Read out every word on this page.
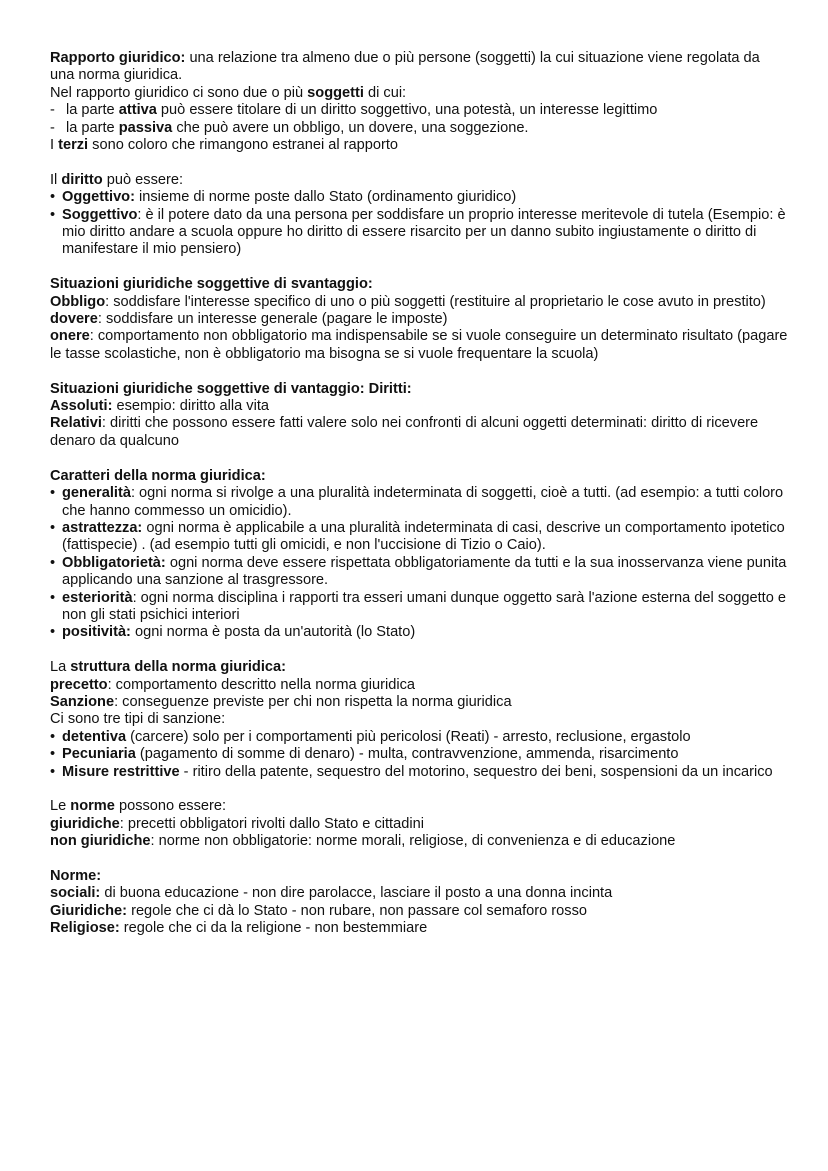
Rapporto giuridico: una relazione tra almeno due o più persone (soggetti) la cui situazione viene regolata da una norma giuridica.

Nel rapporto giuridico ci sono due o più soggetti di cui:

- la parte attiva può essere titolare di un diritto soggettivo, una potestà, un interesse legittimo

- la parte passiva che può avere un obbligo, un dovere, una soggezione.

I terzi sono coloro che rimangono estranei al rapporto

Il diritto può essere:

• Oggettivo: insieme di norme poste dallo Stato (ordinamento giuridico)

• Soggettivo: è il potere dato da una persona per soddisfare un proprio interesse meritevole di tutela (Esempio: è mio diritto andare a scuola oppure ho diritto di essere risarcito per un danno subito ingiustamente o diritto di manifestare il mio pensiero)

Situazioni giuridiche soggettive di svantaggio:

Obbligo: soddisfare l'interesse specifico di uno o più soggetti (restituire al proprietario le cose avuto in prestito)

dovere: soddisfare un interesse generale (pagare le imposte)

onere: comportamento non obbligatorio ma indispensabile se si vuole conseguire un determinato risultato (pagare le tasse scolastiche, non è obbligatorio ma bisogna se si vuole frequentare la scuola)

Situazioni giuridiche soggettive di vantaggio: Diritti:

Assoluti: esempio: diritto alla vita

Relativi: diritti che possono essere fatti valere solo nei confronti di alcuni oggetti determinati: diritto di ricevere denaro da qualcuno

Caratteri della norma giuridica:

• generalità: ogni norma si rivolge a una pluralità indeterminata di soggetti, cioè a tutti. (ad esempio: a tutti coloro che hanno commesso un omicidio).

• astrattezza: ogni norma è applicabile a una pluralità indeterminata di casi, descrive un comportamento ipotetico (fattispecie) . (ad esempio tutti gli omicidi, e non l'uccisione di Tizio o Caio).

• Obbligatorietà: ogni norma deve essere rispettata obbligatoriamente da tutti e la sua inosservanza viene punita applicando una sanzione al trasgressore.

• esteriorità: ogni norma disciplina i rapporti tra esseri umani dunque oggetto sarà l'azione esterna del soggetto e non gli stati psichici interiori

• positività: ogni norma è posta da un'autorità (lo Stato)

La struttura della norma giuridica:

precetto: comportamento descritto nella norma giuridica

Sanzione: conseguenze previste per chi non rispetta la norma giuridica

Ci sono tre tipi di sanzione:

• detentiva (carcere) solo per i comportamenti più pericolosi (Reati) - arresto, reclusione, ergastolo

• Pecuniaria (pagamento di somme di denaro) - multa, contravvenzione, ammenda, risarcimento

• Misure restrittive - ritiro della patente, sequestro del motorino, sequestro dei beni, sospensioni da un incarico

Le norme possono essere:

giuridiche: precetti obbligatori rivolti dallo Stato e cittadini

non giuridiche: norme non obbligatorie: norme morali, religiose, di convenienza e di educazione

Norme:

sociali: di buona educazione - non dire parolacce, lasciare il posto a una donna incinta

Giuridiche: regole che ci dà lo Stato - non rubare, non passare col semaforo rosso

Religiose: regole che ci da la religione - non bestemmiare
